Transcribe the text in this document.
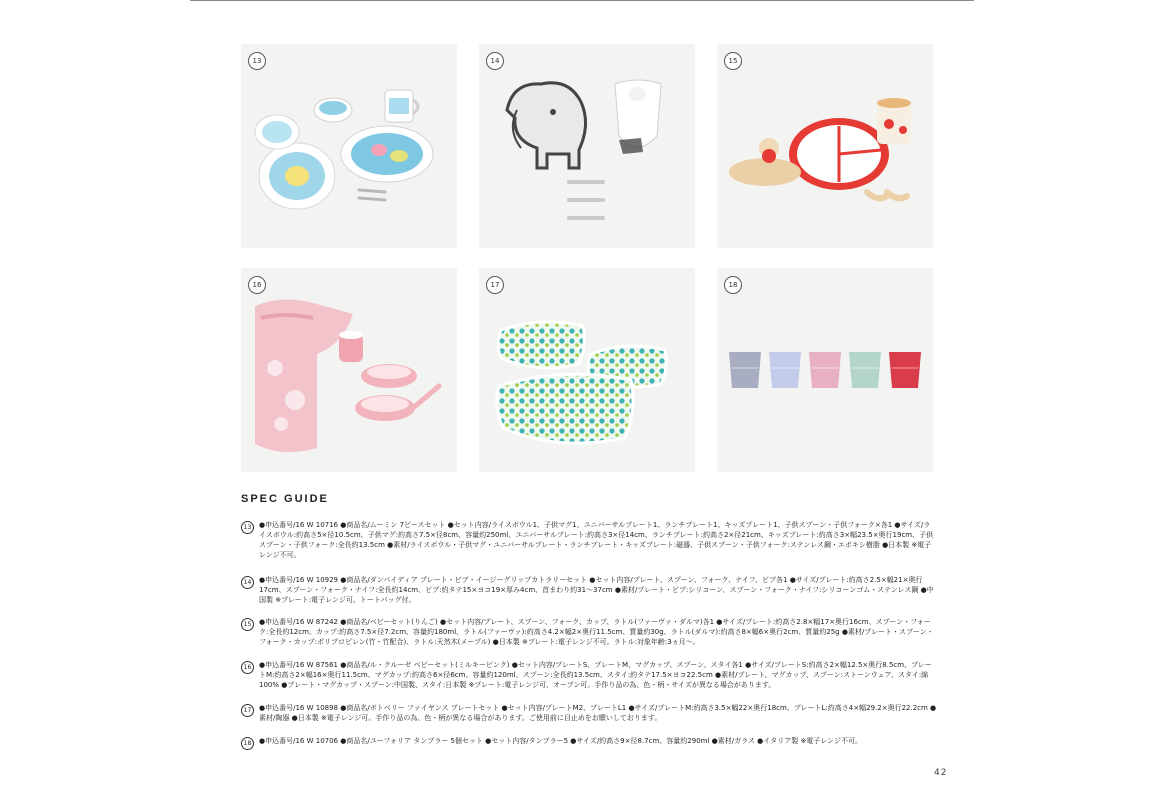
13	14	15
16	17	18
SPEC GUIDE
13	●申込番号/16 W 10716 ●商品名/ムーミン 7ピースセット ●セット内容/ライスボウル1、子供マグ1、ユニバーサルプレート1、ランチプレート1、キッズプレート1、子供スプーン・子供フォーク×各1 ●サイズ/ライスボウル:約高さ5×径10.5cm、子供マグ:約高さ7.5×径8cm、容量約250ml、ユニバーサルプレート:約高さ3×径14cm、ランチプレート:約高さ2×径21cm、キッズプレート:約高さ3×幅23.5×奥行19cm、子供スプーン・子供フォーク:全長約13.5cm ●素材/ライスボウル・子供マグ・ユニバーサルプレート・ランチプレート・キッズプレート:磁器、子供スプーン・子供フォーク:ステンレス鋼・エポキシ樹脂 ●日本製 ※電子レンジ不可。
14	●申込番号/16 W 10929 ●商品名/ダンパイディア プレート・ビブ・イージーグリップカトラリーセット ●セット内容/プレート、スプーン、フォーク、ナイフ、ビブ各1 ●サイズ/プレート:約高さ2.5×幅21×奥行17cm、スプーン・フォーク・ナイフ:全長約14cm、ビブ:約タテ15×ヨコ19×厚み4cm、首まわり約31〜37cm ●素材/プレート・ビブ:シリコーン、スプーン・フォーク・ナイフ:シリコーンゴム・ステンレス鋼 ●中国製 ※プレート:電子レンジ可。トートバッグ付。
15	●申込番号/16 W 87242 ●商品名/ベビーセット(りんご) ●セット内容/プレート、スプーン、フォーク、カップ、ラトル(ファーヴァ・ダルマ)各1 ●サイズ/プレート:約高さ2.8×幅17×奥行16cm、スプーン・フォーク:全長約12cm、カップ:約高さ7.5×径7.2cm、容量約180ml、ラトル(ファーヴァ):約高さ4.2×幅2×奥行11.5cm、質量約30g、ラトル(ダルマ):約高さ8×幅6×奥行2cm、質量約25g ●素材/プレート・スプーン・フォーク・カップ:ポリプロピレン(竹・竹配合)、ラトル:天然木(メープル) ●日本製 ※プレート:電子レンジ不可。ラトル:対象年齢:3ヵ月〜。
16	●申込番号/16 W 87561 ●商品名/ル・クルーゼ ベビーセット(ミルキーピンク) ●セット内容/プレートS、プレートM、マグカップ、スプーン、スタイ各1 ●サイズ/プレートS:約高さ2×幅12.5×奥行8.5cm、プレートM:約高さ2×幅16×奥行11.5cm、マグカップ:約高さ6×径6cm、容量約120ml、スプーン:全長約13.5cm、スタイ:約タテ17.5×ヨコ22.5cm ●素材/プレート、マグカップ、スプーン:ストーンウェア、スタイ:綿100% ●プレート・マグカップ・スプーン:中国製、スタイ:日本製 ※プレート:電子レンジ可、オーブン可。手作り品の為、色・柄・サイズが異なる場合があります。
17	●申込番号/16 W 10898 ●商品名/ボトベリー ファイヤンス プレートセット ●セット内容/プレートM2、プレートL1 ●サイズ/プレートM:約高さ3.5×幅22×奥行18cm、プレートL:約高さ4×幅29.2×奥行22.2cm ●素材/陶器 ●日本製 ※電子レンジ可。手作り品の為、色・柄が異なる場合があります。ご使用前に目止めをお願いしております。
18	●申込番号/16 W 10706 ●商品名/ユーフォリア タンブラー 5個セット ●セット内容/タンブラー5 ●サイズ/約高さ9×径8.7cm、容量約290ml ●素材/ガラス ●イタリア製 ※電子レンジ不可。
42
